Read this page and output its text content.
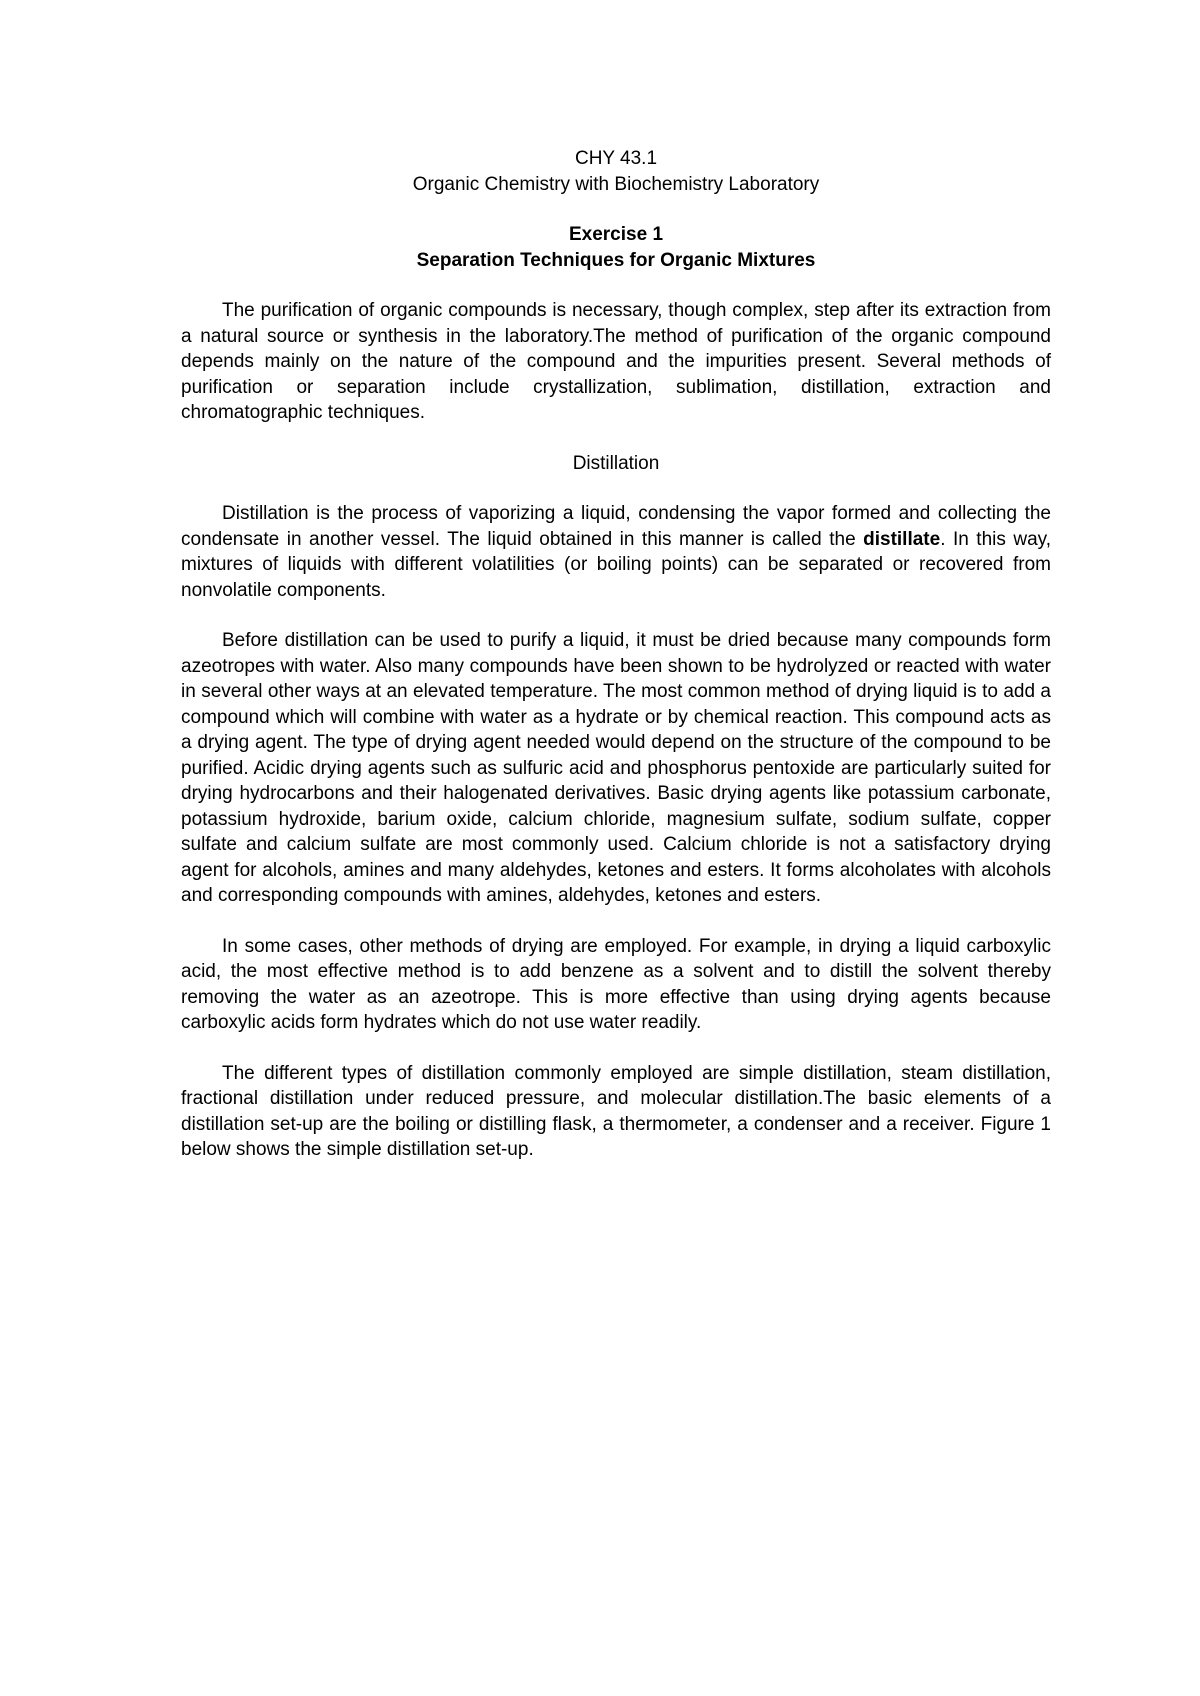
CHY 43.1

Organic Chemistry with Biochemistry Laboratory

Exercise 1

Separation Techniques for Organic Mixtures

The purification of organic compounds is necessary, though complex, step after its extraction from a natural source or synthesis in the laboratory.The method of purification of the organic compound depends mainly on the nature of the compound and the impurities present. Several methods of purification or separation include crystallization, sublimation, distillation, extraction and chromatographic techniques.

Distillation

Distillation is the process of vaporizing a liquid, condensing the vapor formed and collecting the condensate in another vessel. The liquid obtained in this manner is called the distillate. In this way, mixtures of liquids with different volatilities (or boiling points) can be separated or recovered from nonvolatile components.

Before distillation can be used to purify a liquid, it must be dried because many compounds form azeotropes with water. Also many compounds have been shown to be hydrolyzed or reacted with water in several other ways at an elevated temperature. The most common method of drying liquid is to add a compound which will combine with water as a hydrate or by chemical reaction. This compound acts as a drying agent. The type of drying agent needed would depend on the structure of the compound to be purified. Acidic drying agents such as sulfuric acid and phosphorus pentoxide are particularly suited for drying hydrocarbons and their halogenated derivatives. Basic drying agents like potassium carbonate, potassium hydroxide, barium oxide, calcium chloride, magnesium sulfate, sodium sulfate, copper sulfate and calcium sulfate are most commonly used. Calcium chloride is not a satisfactory drying agent for alcohols, amines and many aldehydes, ketones and esters. It forms alcoholates with alcohols and corresponding compounds with amines, aldehydes, ketones and esters.

In some cases, other methods of drying are employed. For example, in drying a liquid carboxylic acid, the most effective method is to add benzene as a solvent and to distill the solvent thereby removing the water as an azeotrope. This is more effective than using drying agents because carboxylic acids form hydrates which do not use water readily.

The different types of distillation commonly employed are simple distillation, steam distillation, fractional distillation under reduced pressure, and molecular distillation.The basic elements of a distillation set-up are the boiling or distilling flask, a thermometer, a condenser and a receiver. Figure 1 below shows the simple distillation set-up.
